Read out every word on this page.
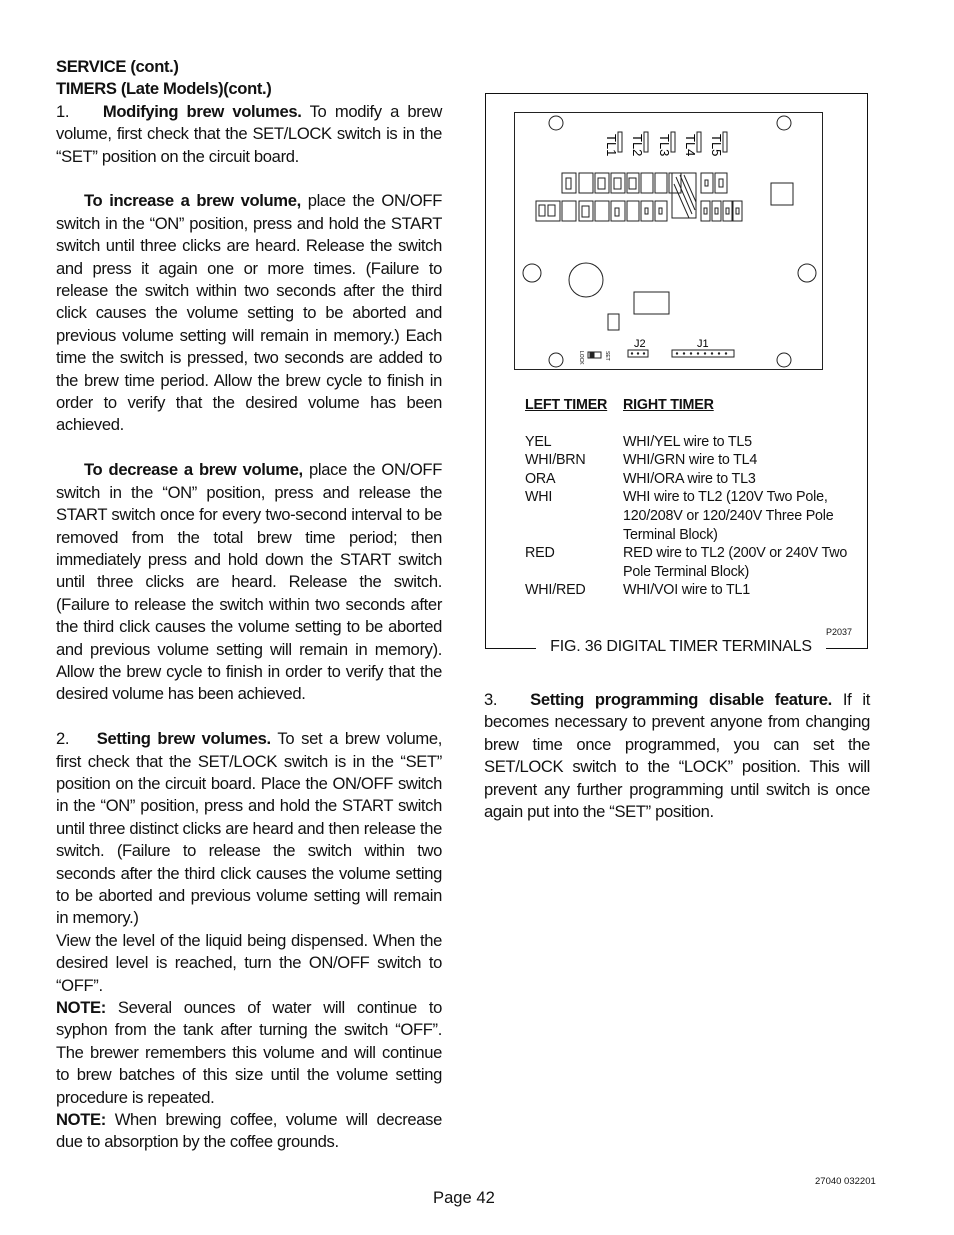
SERVICE (cont.)

TIMERS (Late Models)(cont.)

1. Modifying brew volumes. To modify a brew volume, first check that the SET/LOCK switch is in the “SET” position on the circuit board.

To increase a brew volume, place the ON/OFF switch in the “ON” position, press and hold the START switch until three clicks are heard. Release the switch and press it again one or more times. (Failure to release the switch within two seconds after the third click causes the volume setting to be aborted and previous volume setting will remain in memory.) Each time the switch is pressed, two seconds are added to the brew time period. Allow the brew cycle to finish in order to verify that the desired volume has been achieved.

To decrease a brew volume, place the ON/OFF switch in the “ON” position, press and release the START switch once for every two-second interval to be removed from the total brew time period; then immediately press and hold down the START switch until three clicks are heard. Release the switch. (Failure to release the switch within two seconds after the third click causes the volume setting to be aborted and previous volume setting will remain in memory). Allow the brew cycle to finish in order to verify that the desired volume has been achieved.

2. Setting brew volumes. To set a brew volume, first check that the SET/LOCK switch is in the “SET” position on the circuit board. Place the ON/OFF switch in the “ON” position, press and hold the START switch until three distinct clicks are heard and then release the switch. (Failure to release the switch within two seconds after the third click causes the volume setting to be aborted and previous volume setting will remain in memory.)

View the level of the liquid being dispensed. When the desired level is reached, turn the ON/OFF switch to “OFF”.

NOTE: Several ounces of water will continue to syphon from the tank after turning the switch “OFF”. The brewer remembers this volume and will continue to brew batches of this size until the volume setting procedure is repeated.

NOTE: When brewing coffee, volume will decrease due to absorption by the coffee grounds.

TL1 TL2 TL3 TL4 TL5
J2	J1
SET
LOCK
LEFT TIMER	RIGHT TIMER
YEL	WHI/YEL wire to TL5
WHI/BRN	WHI/GRN wire to TL4
ORA	WHI/ORA wire to TL3
WHI	WHI wire to TL2 (120V Two Pole, 120/208V or 120/240V Three Pole Terminal Block)
RED	RED wire to TL2 (200V or 240V Two Pole Terminal Block)
WHI/RED	WHI/VOI wire to TL1
P2037
FIG. 36 DIGITAL TIMER TERMINALS

3. Setting programming disable feature. If it becomes necessary to prevent anyone from changing brew time once programmed, you can set the SET/LOCK switch to the “LOCK” position. This will prevent any further programming until switch is once again put into the “SET” position.

27040 032201
Page 42
